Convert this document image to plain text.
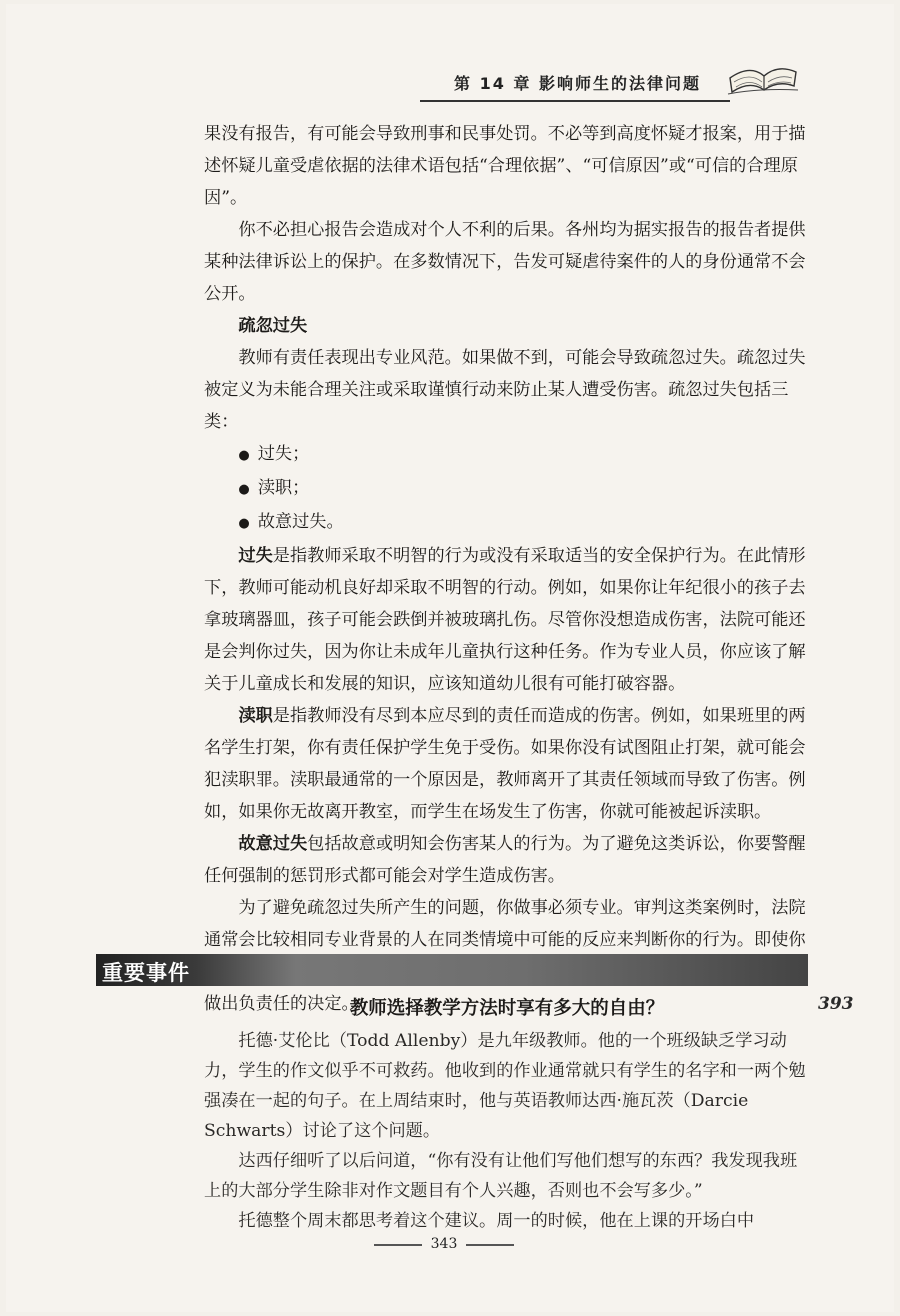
第 14 章 影响师生的法律问题

果没有报告，有可能会导致刑事和民事处罚。不必等到高度怀疑才报案，用于描述怀疑儿童受虐依据的法律术语包括“合理依据”、“可信原因”或“可信的合理原因”。

你不必担心报告会造成对个人不利的后果。各州均为据实报告的报告者提供某种法律诉讼上的保护。在多数情况下，告发可疑虐待案件的人的身份通常不会公开。

疏忽过失

教师有责任表现出专业风范。如果做不到，可能会导致疏忽过失。疏忽过失被定义为未能合理关注或采取谨慎行动来防止某人遭受伤害。疏忽过失包括三类：

● 过失；
● 渎职；
● 故意过失。

过失是指教师采取不明智的行为或没有采取适当的安全保护行为。在此情形下，教师可能动机良好却采取不明智的行动。例如，如果你让年纪很小的孩子去拿玻璃器皿，孩子可能会跌倒并被玻璃扎伤。尽管你没想造成伤害，法院可能还是会判你过失，因为你让未成年儿童执行这种任务。作为专业人员，你应该了解关于儿童成长和发展的知识，应该知道幼儿很有可能打破容器。

渎职是指教师没有尽到本应尽到的责任而造成的伤害。例如，如果班里的两名学生打架，你有责任保护学生免于受伤。如果你没有试图阻止打架，就可能会犯渎职罪。渎职最通常的一个原因是，教师离开了其责任领域而导致了伤害。例如，如果你无故离开教室，而学生在场发生了伤害，你就可能被起诉渎职。

故意过失包括故意或明知会伤害某人的行为。为了避免这类诉讼，你要警醒任何强制的惩罚形式都可能会对学生造成伤害。

为了避免疏忽过失所产生的问题，你做事必须专业。审判这类案例时，法院通常会比较相同专业背景的人在同类情境中可能的反应来判断你的行为。即使你 做出负责任的决定。

重要事件
393
教师选择教学方法时享有多大的自由？

托德·艾伦比（Todd Allenby）是九年级教师。他的一个班级缺乏学习动力，学生的作文似乎不可救药。他收到的作业通常就只有学生的名字和一两个勉强凑在一起的句子。在上周结束时，他与英语教师达西·施瓦茨（Darcie Schwarts）讨论了这个问题。

达西仔细听了以后问道，“你有没有让他们写他们想写的东西？我发现我班上的大部分学生除非对作文题目有个人兴趣，否则也不会写多少。”

托德整个周末都思考着这个建议。周一的时候，他在上课的开场白中

343
